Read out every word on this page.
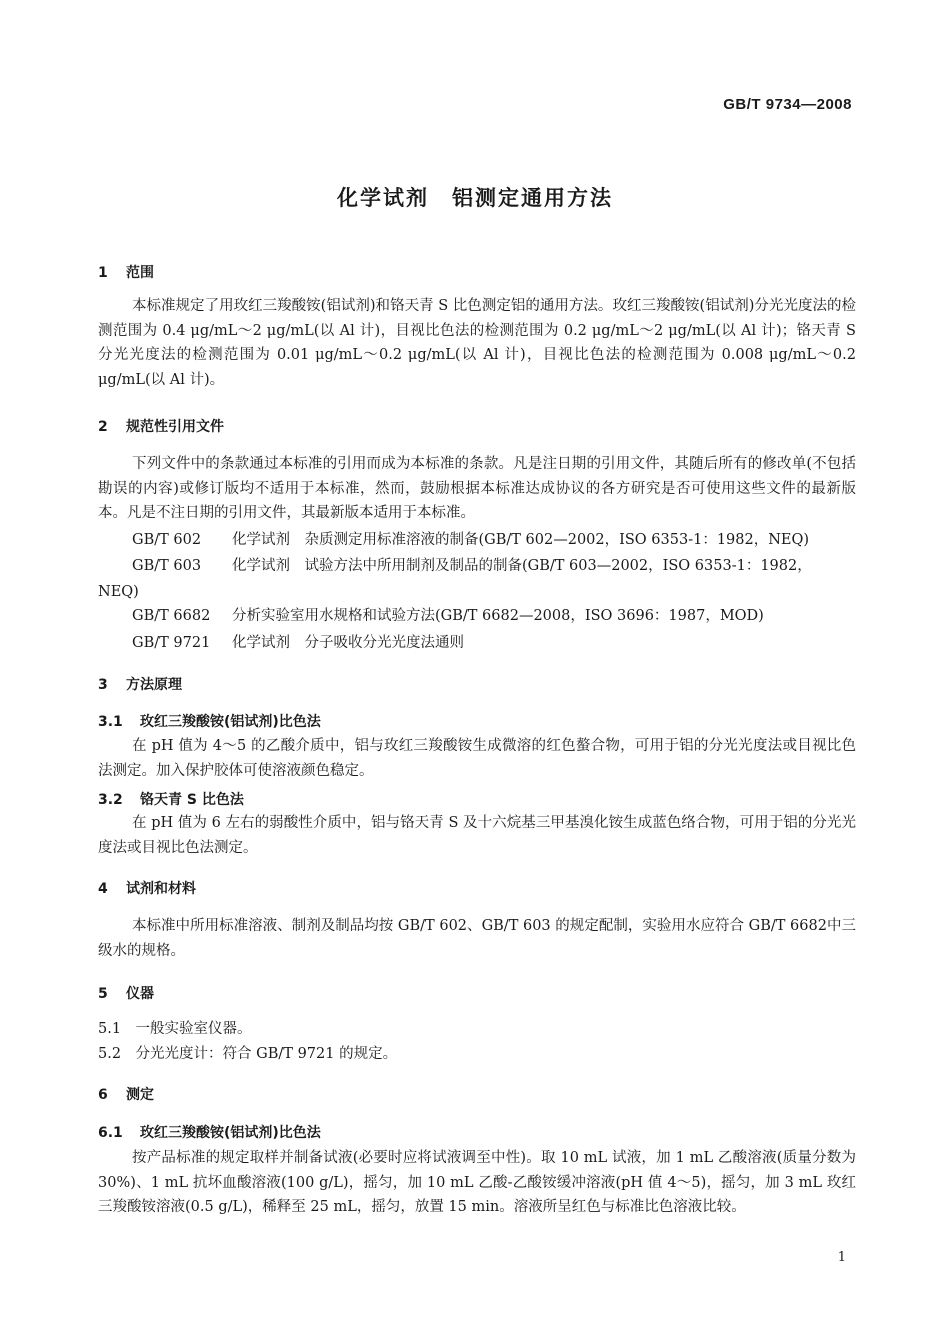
GB/T 9734—2008
化学试剂　铝测定通用方法
1 范围
本标准规定了用玫红三羧酸铵(铝试剂)和铬天青 S 比色测定铝的通用方法。玫红三羧酸铵(铝试剂)分光光度法的检测范围为 0.4 μg/mL～2 μg/mL(以 Al 计)，目视比色法的检测范围为 0.2 μg/mL～2 μg/mL(以 Al 计)；铬天青 S 分光光度法的检测范围为 0.01 μg/mL～0.2 μg/mL(以 Al 计)，目视比色法的检测范围为 0.008 μg/mL～0.2 μg/mL(以 Al 计)。
2 规范性引用文件
下列文件中的条款通过本标准的引用而成为本标准的条款。凡是注日期的引用文件，其随后所有的修改单(不包括勘误的内容)或修订版均不适用于本标准，然而，鼓励根据本标准达成协议的各方研究是否可使用这些文件的最新版本。凡是不注日期的引用文件，其最新版本适用于本标准。
GB/T 602 化学试剂　杂质测定用标准溶液的制备(GB/T 602—2002，ISO 6353-1：1982，NEQ)
GB/T 603 化学试剂　试验方法中所用制剂及制品的制备(GB/T 603—2002，ISO 6353-1：1982，
NEQ)
GB/T 6682 分析实验室用水规格和试验方法(GB/T 6682—2008，ISO 3696：1987，MOD)
GB/T 9721 化学试剂　分子吸收分光光度法通则
3 方法原理
3.1 玫红三羧酸铵(铝试剂)比色法
在 pH 值为 4～5 的乙酸介质中，铝与玫红三羧酸铵生成微溶的红色螯合物，可用于铝的分光光度法或目视比色法测定。加入保护胶体可使溶液颜色稳定。
3.2 铬天青 S 比色法
在 pH 值为 6 左右的弱酸性介质中，铝与铬天青 S 及十六烷基三甲基溴化铵生成蓝色络合物，可用于铝的分光光度法或目视比色法测定。
4 试剂和材料
本标准中所用标准溶液、制剂及制品均按 GB/T 602、GB/T 603 的规定配制，实验用水应符合 GB/T 6682中三级水的规格。
5 仪器
5.1　一般实验室仪器。
5.2　分光光度计：符合 GB/T 9721 的规定。
6 测定
6.1 玫红三羧酸铵(铝试剂)比色法
按产品标准的规定取样并制备试液(必要时应将试液调至中性)。取 10 mL 试液，加 1 mL 乙酸溶液(质量分数为 30%)、1 mL 抗坏血酸溶液(100 g/L)，摇匀，加 10 mL 乙酸-乙酸铵缓冲溶液(pH 值 4～5)，摇匀，加 3 mL 玫红三羧酸铵溶液(0.5 g/L)，稀释至 25 mL，摇匀，放置 15 min。溶液所呈红色与标准比色溶液比较。
1
